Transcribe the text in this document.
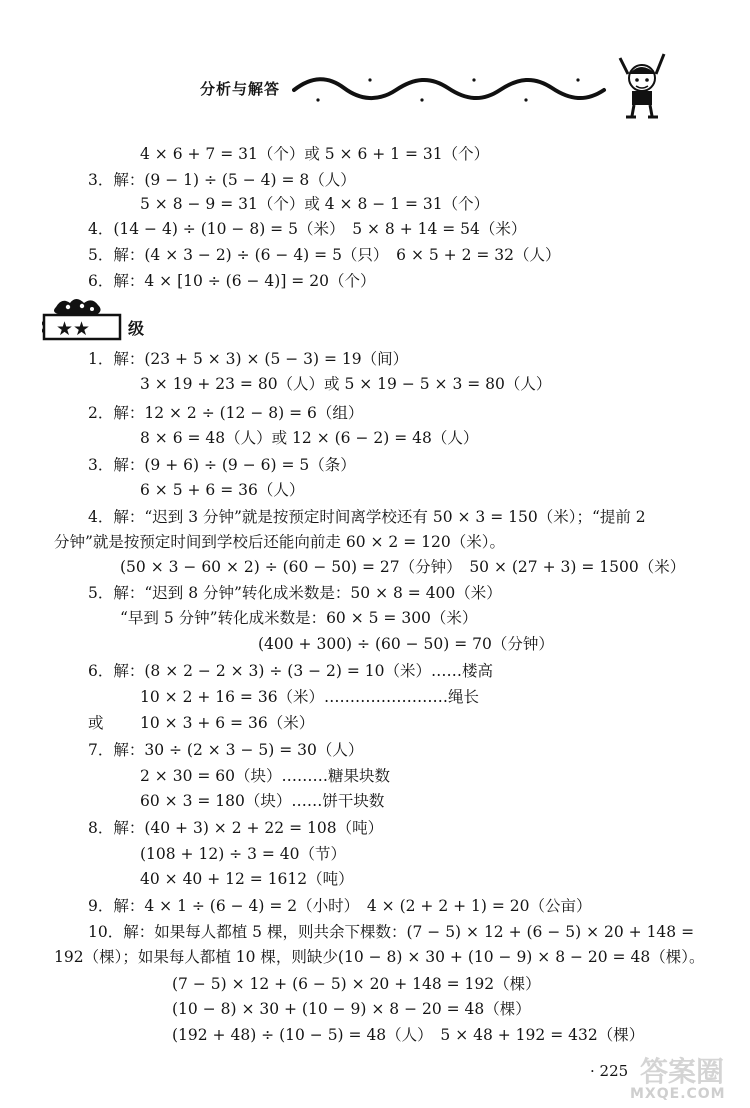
分析与解答
4 × 6 + 7 = 31（个）或 5 × 6 + 1 = 31（个）
3．解：(9 − 1) ÷ (5 − 4) = 8（人）
5 × 8 − 9 = 31（个）或 4 × 8 − 1 = 31（个）
4．(14 − 4) ÷ (10 − 8) = 5（米）　5 × 8 + 14 = 54（米）
5．解：(4 × 3 − 2) ÷ (6 − 4) = 5（只）　6 × 5 + 2 = 32（人）
6．解：4 × [10 ÷ (6 − 4)] = 20（个）
★★ 级
1．解：(23 + 5 × 3) × (5 − 3) = 19（间）
3 × 19 + 23 = 80（人）或 5 × 19 − 5 × 3 = 80（人）
2．解：12 × 2 ÷ (12 − 8) = 6（组）
8 × 6 = 48（人）或 12 × (6 − 2) = 48（人）
3．解：(9 + 6) ÷ (9 − 6) = 5（条）
6 × 5 + 6 = 36（人）
4．解：“迟到 3 分钟”就是按预定时间离学校还有 50 × 3 = 150（米）；“提前 2
分钟”就是按预定时间到学校后还能向前走 60 × 2 = 120（米）。
(50 × 3 − 60 × 2) ÷ (60 − 50) = 27（分钟）　50 × (27 + 3) = 1500（米）
5．解：“迟到 8 分钟”转化成米数是：50 × 8 = 400（米）
“早到 5 分钟”转化成米数是：60 × 5 = 300（米）
(400 + 300) ÷ (60 − 50) = 70（分钟）
6．解：(8 × 2 − 2 × 3) ÷ (3 − 2) = 10（米）……楼高
10 × 2 + 16 = 36（米）……………………绳长
或 10 × 3 + 6 = 36（米）
7．解：30 ÷ (2 × 3 − 5) = 30（人）
2 × 30 = 60（块）………糖果块数
60 × 3 = 180（块）……饼干块数
8．解：(40 + 3) × 2 + 22 = 108（吨）
(108 + 12) ÷ 3 = 40（节）
40 × 40 + 12 = 1612（吨）
9．解：4 × 1 ÷ (6 − 4) = 2（小时）　4 × (2 + 2 + 1) = 20（公亩）
10．解：如果每人都植 5 棵，则共余下棵数：(7 − 5) × 12 + (6 − 5) × 20 + 148 =
192（棵）；如果每人都植 10 棵，则缺少(10 − 8) × 30 + (10 − 9) × 8 − 20 = 48（棵）。
(7 − 5) × 12 + (6 − 5) × 20 + 148 = 192（棵）
(10 − 8) × 30 + (10 − 9) × 8 − 20 = 48（棵）
(192 + 48) ÷ (10 − 5) = 48（人）　5 × 48 + 192 = 432（棵）
· 225 答案圈
MXQE.COM
